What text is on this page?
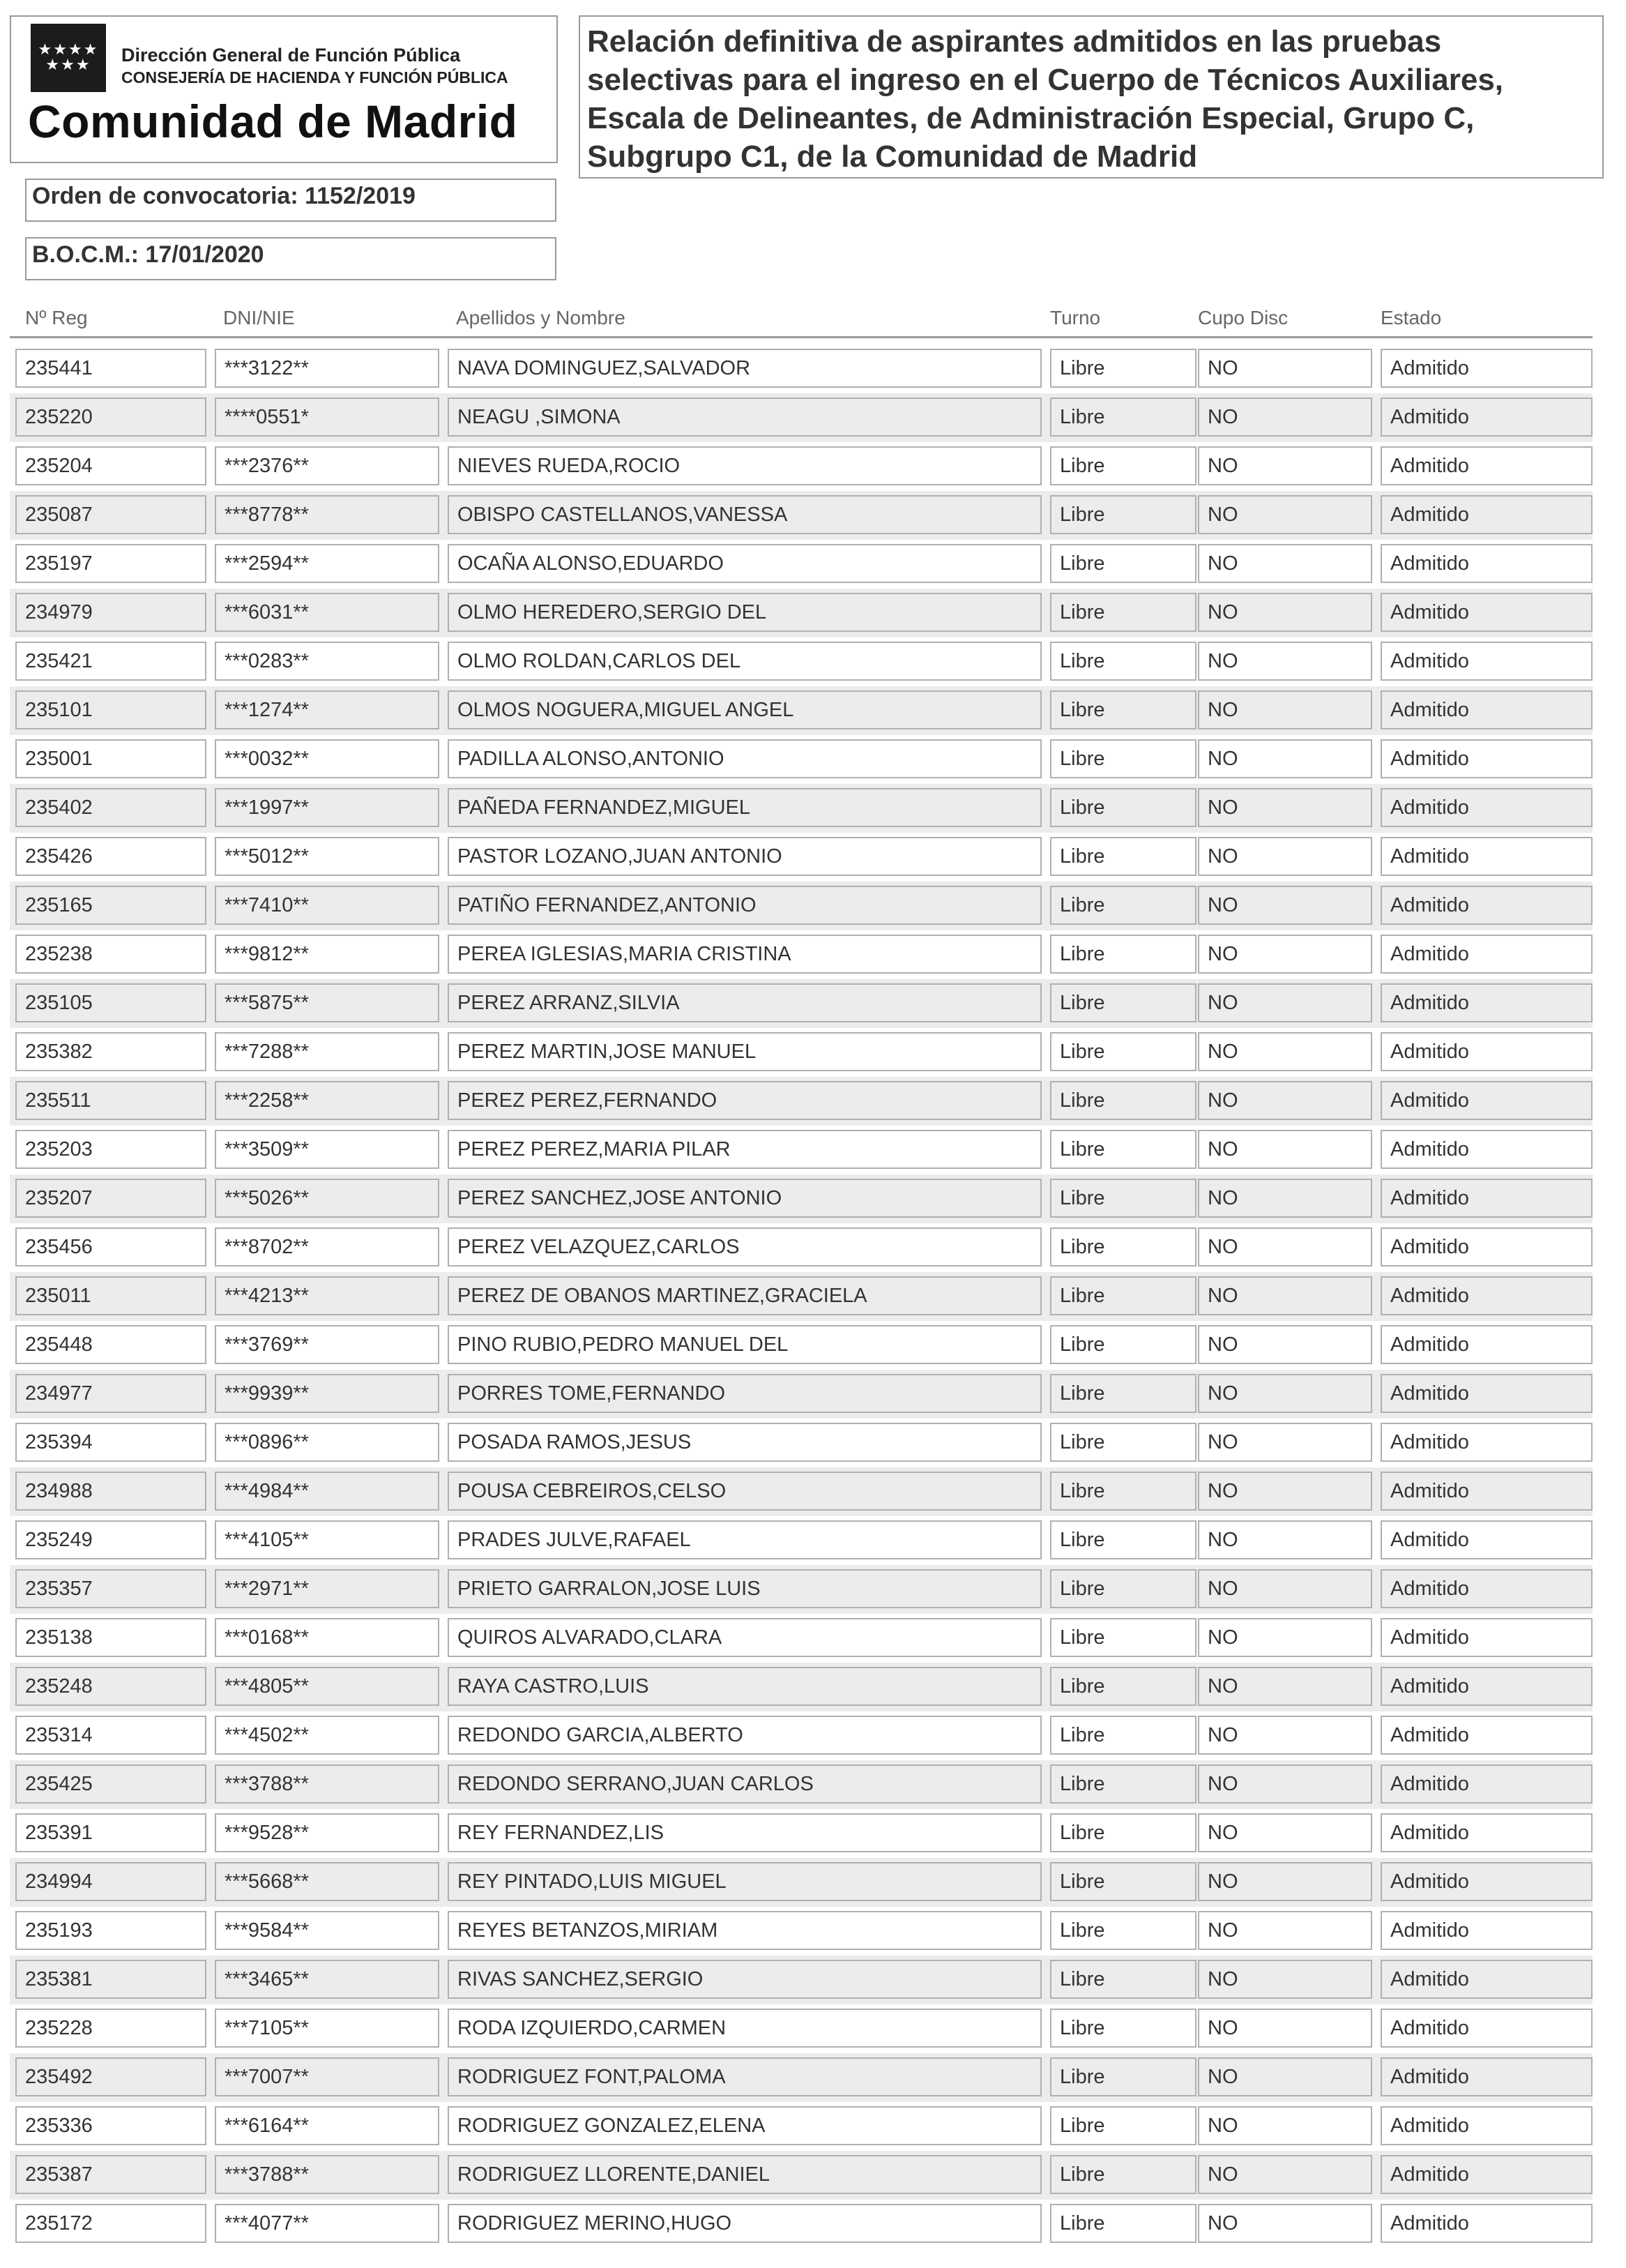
★★★★
★★★ Dirección General de Función Pública
CONSEJERÍA DE HACIENDA Y FUNCIÓN PÚBLICA
Comunidad de Madrid

Relación definitiva de aspirantes admitidos en las pruebas
selectivas para el ingreso en el Cuerpo de Técnicos Auxiliares,
Escala de Delineantes, de Administración Especial, Grupo C,
Subgrupo C1, de la Comunidad de Madrid

Orden de convocatoria: 1152/2019
B.O.C.M.: 17/01/2020
Nº Reg	DNI/NIE	Apellidos y Nombre	Turno	Cupo Disc	Estado
235441	***3122**	NAVA DOMINGUEZ,SALVADOR	Libre	NO	Admitido
235220	****0551*	NEAGU ,SIMONA	Libre	NO	Admitido
235204	***2376**	NIEVES RUEDA,ROCIO	Libre	NO	Admitido
235087	***8778**	OBISPO CASTELLANOS,VANESSA	Libre	NO	Admitido
235197	***2594**	OCAÑA ALONSO,EDUARDO	Libre	NO	Admitido
234979	***6031**	OLMO HEREDERO,SERGIO DEL	Libre	NO	Admitido
235421	***0283**	OLMO ROLDAN,CARLOS DEL	Libre	NO	Admitido
235101	***1274**	OLMOS NOGUERA,MIGUEL ANGEL	Libre	NO	Admitido
235001	***0032**	PADILLA ALONSO,ANTONIO	Libre	NO	Admitido
235402	***1997**	PAÑEDA FERNANDEZ,MIGUEL	Libre	NO	Admitido
235426	***5012**	PASTOR LOZANO,JUAN ANTONIO	Libre	NO	Admitido
235165	***7410**	PATIÑO FERNANDEZ,ANTONIO	Libre	NO	Admitido
235238	***9812**	PEREA IGLESIAS,MARIA CRISTINA	Libre	NO	Admitido
235105	***5875**	PEREZ ARRANZ,SILVIA	Libre	NO	Admitido
235382	***7288**	PEREZ MARTIN,JOSE MANUEL	Libre	NO	Admitido
235511	***2258**	PEREZ PEREZ,FERNANDO	Libre	NO	Admitido
235203	***3509**	PEREZ PEREZ,MARIA PILAR	Libre	NO	Admitido
235207	***5026**	PEREZ SANCHEZ,JOSE ANTONIO	Libre	NO	Admitido
235456	***8702**	PEREZ VELAZQUEZ,CARLOS	Libre	NO	Admitido
235011	***4213**	PEREZ DE OBANOS MARTINEZ,GRACIELA	Libre	NO	Admitido
235448	***3769**	PINO RUBIO,PEDRO MANUEL DEL	Libre	NO	Admitido
234977	***9939**	PORRES TOME,FERNANDO	Libre	NO	Admitido
235394	***0896**	POSADA RAMOS,JESUS	Libre	NO	Admitido
234988	***4984**	POUSA CEBREIROS,CELSO	Libre	NO	Admitido
235249	***4105**	PRADES JULVE,RAFAEL	Libre	NO	Admitido
235357	***2971**	PRIETO GARRALON,JOSE LUIS	Libre	NO	Admitido
235138	***0168**	QUIROS ALVARADO,CLARA	Libre	NO	Admitido
235248	***4805**	RAYA CASTRO,LUIS	Libre	NO	Admitido
235314	***4502**	REDONDO GARCIA,ALBERTO	Libre	NO	Admitido
235425	***3788**	REDONDO SERRANO,JUAN CARLOS	Libre	NO	Admitido
235391	***9528**	REY FERNANDEZ,LIS	Libre	NO	Admitido
234994	***5668**	REY PINTADO,LUIS MIGUEL	Libre	NO	Admitido
235193	***9584**	REYES BETANZOS,MIRIAM	Libre	NO	Admitido
235381	***3465**	RIVAS SANCHEZ,SERGIO	Libre	NO	Admitido
235228	***7105**	RODA IZQUIERDO,CARMEN	Libre	NO	Admitido
235492	***7007**	RODRIGUEZ FONT,PALOMA	Libre	NO	Admitido
235336	***6164**	RODRIGUEZ GONZALEZ,ELENA	Libre	NO	Admitido
235387	***3788**	RODRIGUEZ LLORENTE,DANIEL	Libre	NO	Admitido
235172	***4077**	RODRIGUEZ MERINO,HUGO	Libre	NO	Admitido
